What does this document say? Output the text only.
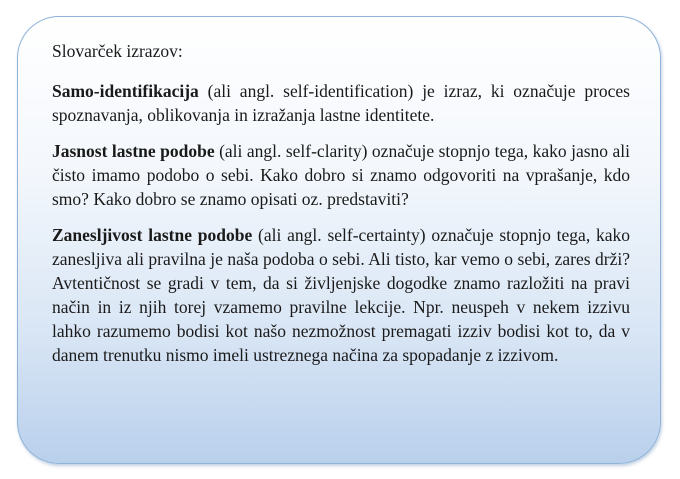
Slovarček izrazov:

Samo-identifikacija (ali angl. self-identification) je izraz, ki označuje proces spoznavanja, oblikovanja in izražanja lastne identitete.

Jasnost lastne podobe (ali angl. self-clarity) označuje stopnjo tega, kako jasno ali čisto imamo podobo o sebi. Kako dobro si znamo odgovoriti na vprašanje, kdo smo? Kako dobro se znamo opisati oz. predstaviti?

Zanesljivost lastne podobe (ali angl. self-certainty) označuje stopnjo tega, kako zanesljiva ali pravilna je naša podoba o sebi. Ali tisto, kar vemo o sebi, zares drži? Avtentičnost se gradi v tem, da si življenjske dogodke znamo razložiti na pravi način in iz njih torej vzamemo pravilne lekcije. Npr. neuspeh v nekem izzivu lahko razumemo bodisi kot našo nezmožnost premagati izziv bodisi kot to, da v danem trenutku nismo imeli ustreznega načina za spopadanje z izzivom.
